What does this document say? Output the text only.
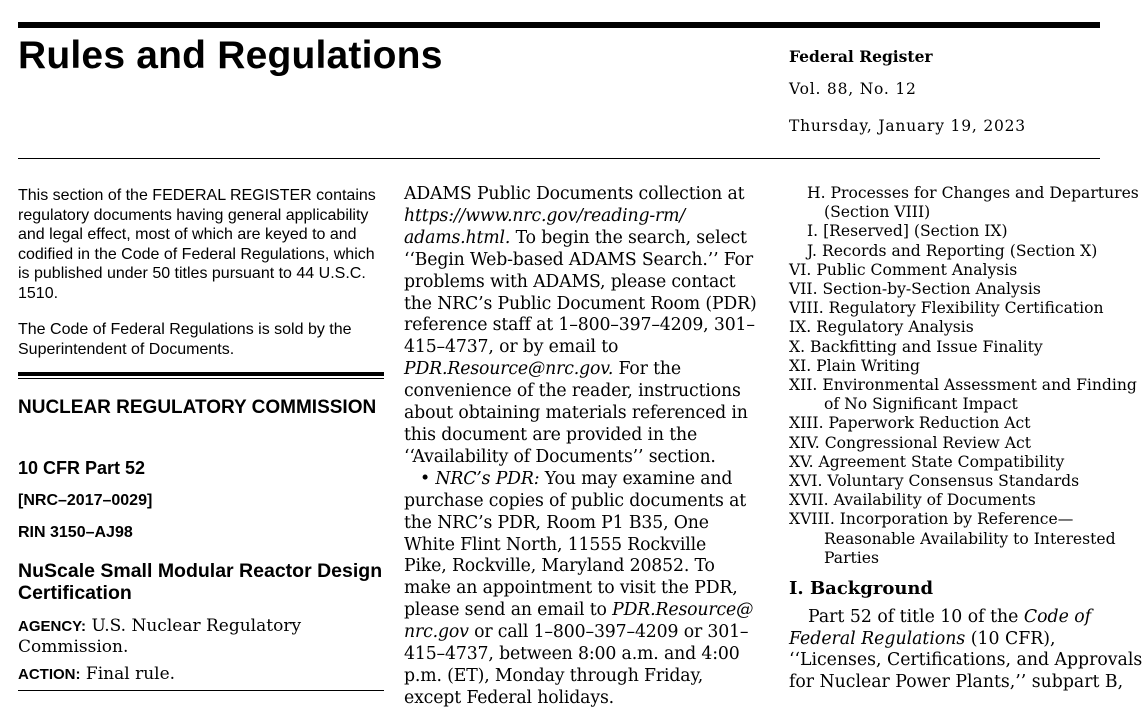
Rules and Regulations	Federal Register
Vol. 88, No. 12
Thursday, January 19, 2023

This section of the FEDERAL REGISTER contains regulatory documents having general applicability and legal effect, most of which are keyed to and codified in the Code of Federal Regulations, which is published under 50 titles pursuant to 44 U.S.C. 1510.

The Code of Federal Regulations is sold by the Superintendent of Documents.

NUCLEAR REGULATORY COMMISSION
10 CFR Part 52
[NRC–2017–0029]
RIN 3150–AJ98
NuScale Small Modular Reactor Design Certification
AGENCY: U.S. Nuclear Regulatory Commission.
ACTION: Final rule.
ADAMS Public Documents collection at
https://www.nrc.gov/reading-rm/
adams.html. To begin the search, select
‘‘Begin Web-based ADAMS Search.’’ For
problems with ADAMS, please contact
the NRC’s Public Document Room (PDR)
reference staff at 1–800–397–4209, 301–
415–4737, or by email to
PDR.Resource@nrc.gov. For the
convenience of the reader, instructions
about obtaining materials referenced in
this document are provided in the
‘‘Availability of Documents’’ section.
• NRC’s PDR: You may examine and
purchase copies of public documents at
the NRC’s PDR, Room P1 B35, One
White Flint North, 11555 Rockville
Pike, Rockville, Maryland 20852. To
make an appointment to visit the PDR,
please send an email to PDR.Resource@
nrc.gov or call 1–800–397–4209 or 301–
415–4737, between 8:00 a.m. and 4:00
p.m. (ET), Monday through Friday,
except Federal holidays.
H. Processes for Changes and Departures
(Section VIII)
I. [Reserved] (Section IX)
J. Records and Reporting (Section X)
VI. Public Comment Analysis
VII. Section-by-Section Analysis
VIII. Regulatory Flexibility Certification
IX. Regulatory Analysis
X. Backfitting and Issue Finality
XI. Plain Writing
XII. Environmental Assessment and Finding
of No Significant Impact
XIII. Paperwork Reduction Act
XIV. Congressional Review Act
XV. Agreement State Compatibility
XVI. Voluntary Consensus Standards
XVII. Availability of Documents
XVIII. Incorporation by Reference—
Reasonable Availability to Interested
Parties
I. Background
Part 52 of title 10 of the Code of
Federal Regulations (10 CFR),
‘‘Licenses, Certifications, and Approvals
for Nuclear Power Plants,’’ subpart B,
